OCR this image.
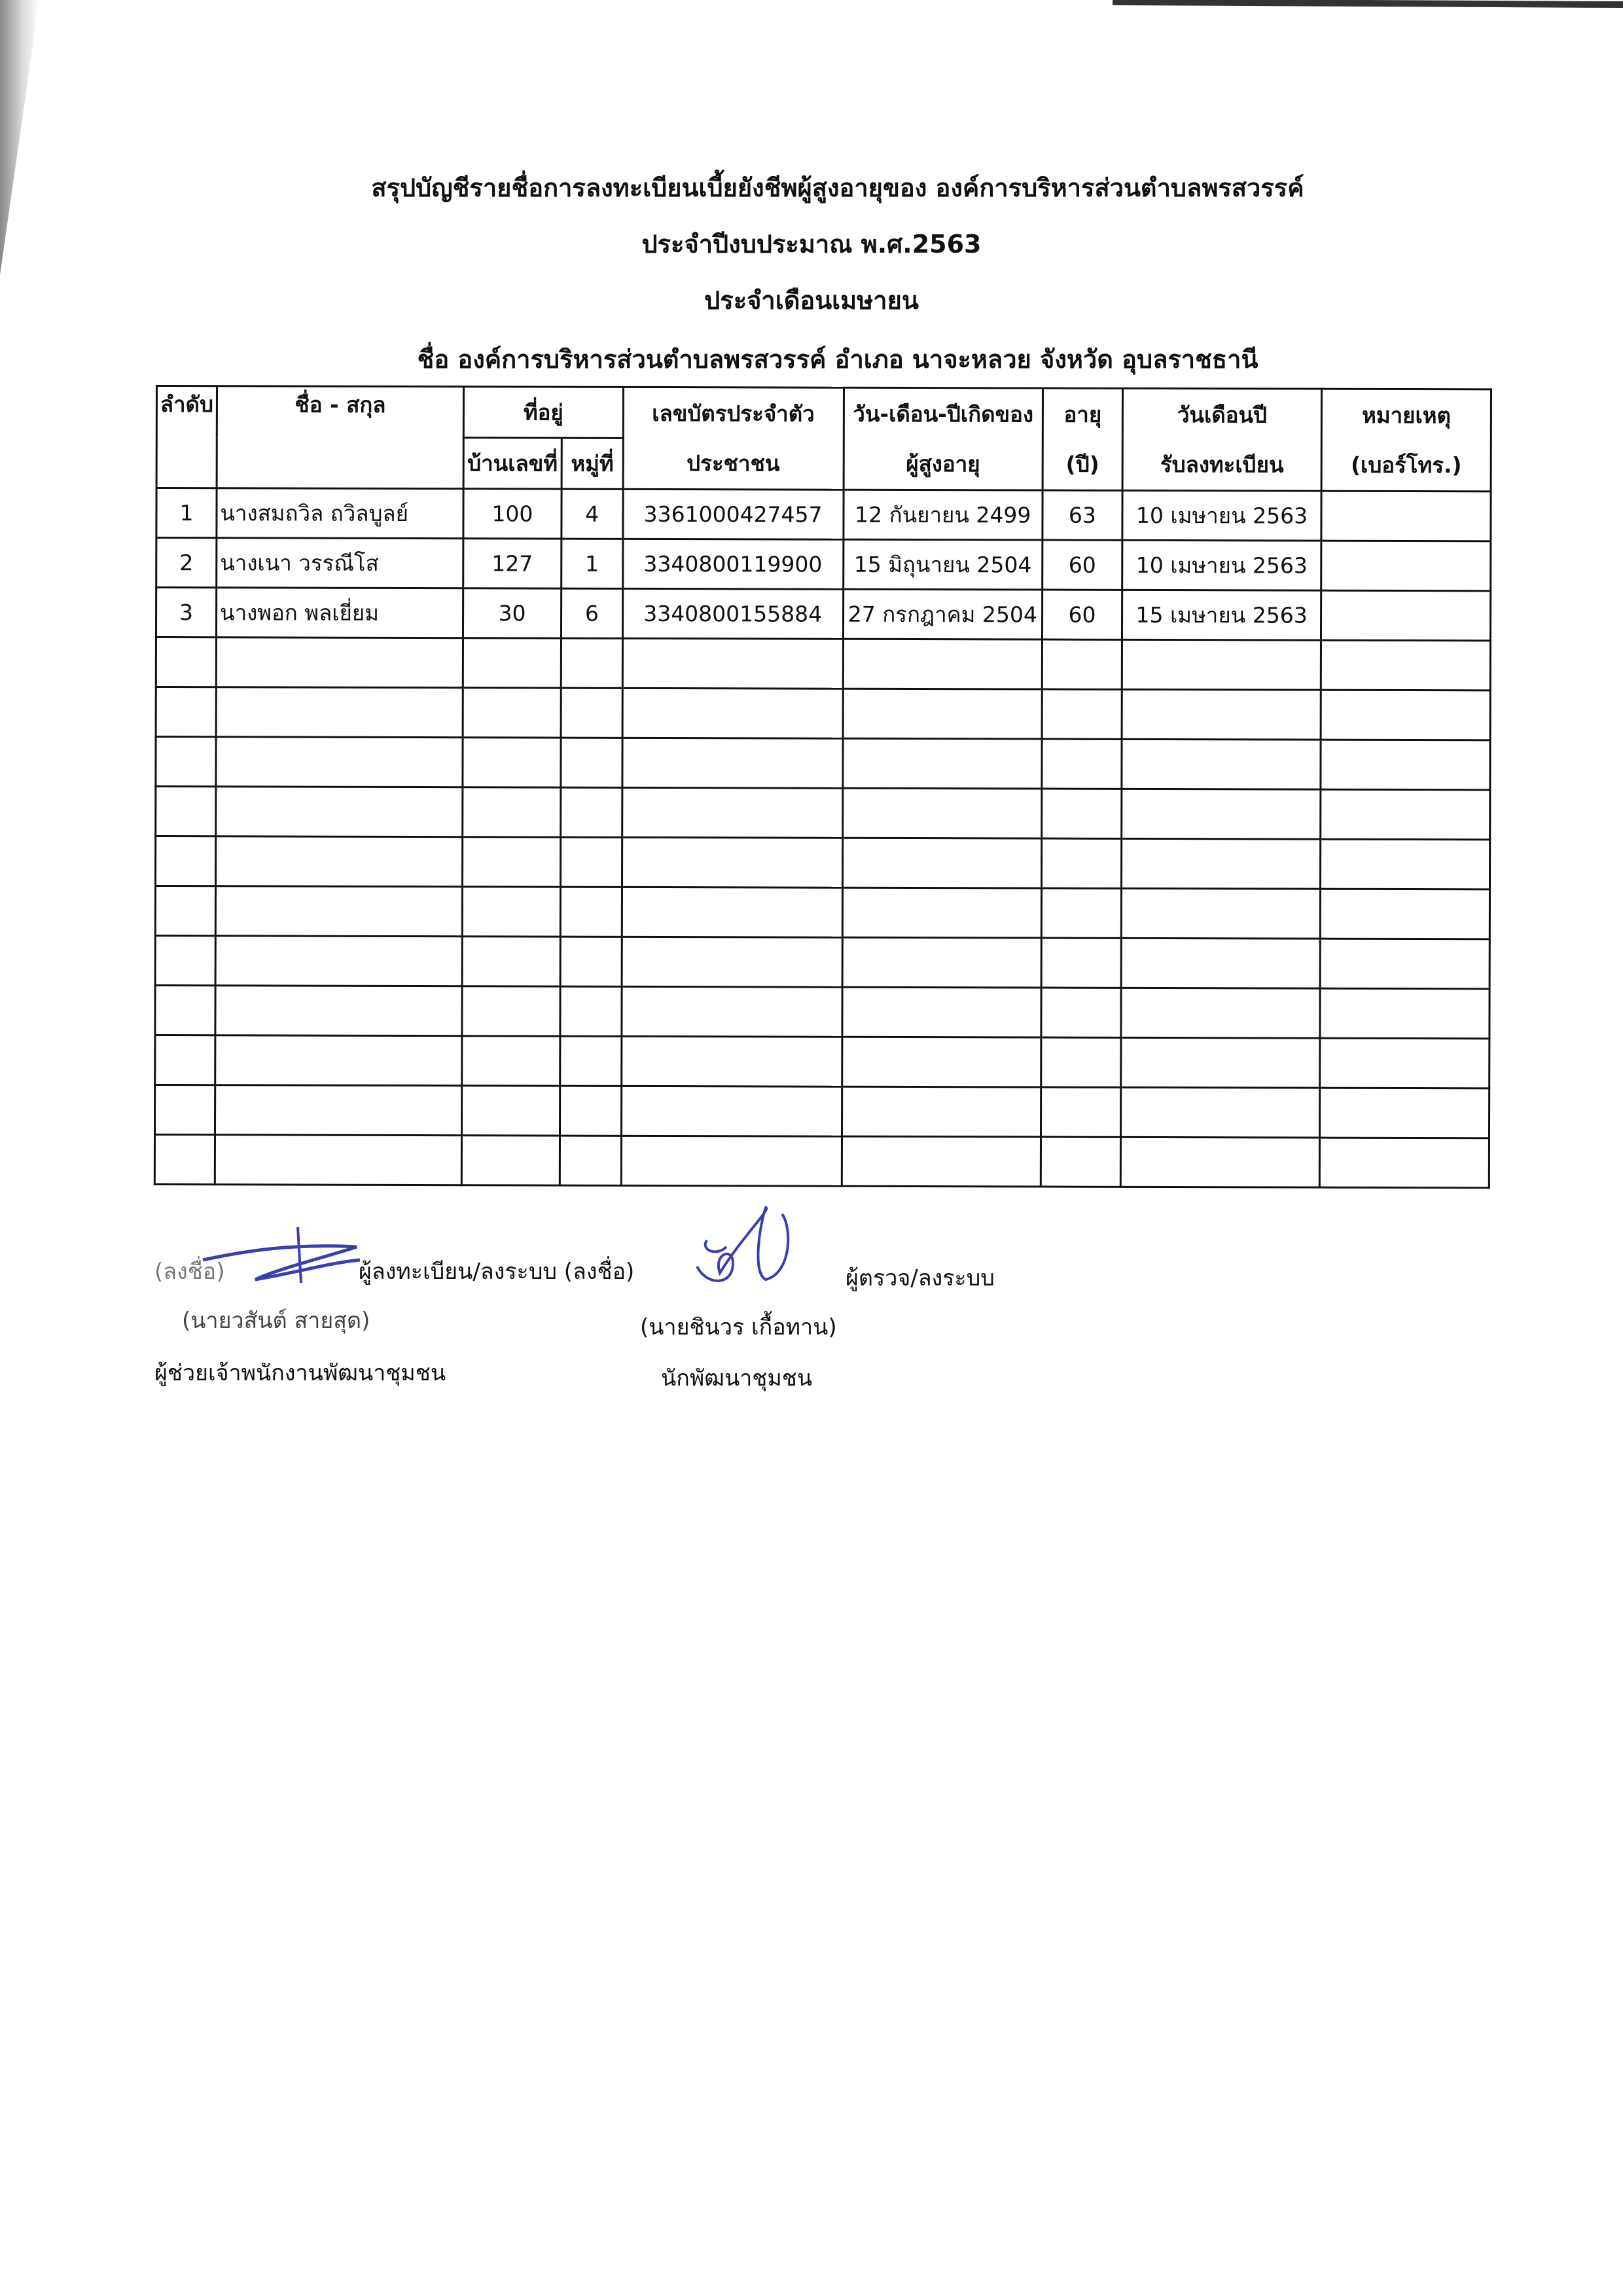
สรุปบัญชีรายชื่อการลงทะเบียนเบี้ยยังชีพผู้สูงอายุของ องค์การบริหารส่วนตำบลพรสวรรค์
ประจำปีงบประมาณ พ.ศ.2563
ประจำเดือนเมษายน
ชื่อ องค์การบริหารส่วนตำบลพรสวรรค์ อำเภอ นาจะหลวย จังหวัด อุบลราชธานี
ลำดับ	ชื่อ - สกุล	ที่อยู่		เลขบัตรประจำตัว	วัน-เดือน-ปีเกิดของ	อายุ	วันเดือนปี	หมายเหตุ
		บ้านเลขที่	หมู่ที่	ประชาชน	ผู้สูงอายุ	(ปี)	รับลงทะเบียน	(เบอร์โทร.)
1	นางสมถวิล ถวิลบูลย์	100	4	3361000427457	12 กันยายน 2499	63	10 เมษายน 2563	
2	นางเนา วรรณีโส	127	1	3340800119900	15 มิถุนายน 2504	60	10 เมษายน 2563	
3	นางพอก พลเยี่ยม	30	6	3340800155884	27 กรกฎาคม 2504	60	15 เมษายน 2563	

(ลงชื่อ)	ผู้ลงทะเบียน/ลงระบบ (ลงชื่อ)	ผู้ตรวจ/ลงระบบ
(นายวสันต์ สายสุด)
ผู้ช่วยเจ้าพนักงานพัฒนาชุมชน
(นายชินวร เกื้อทาน)
นักพัฒนาชุมชน
